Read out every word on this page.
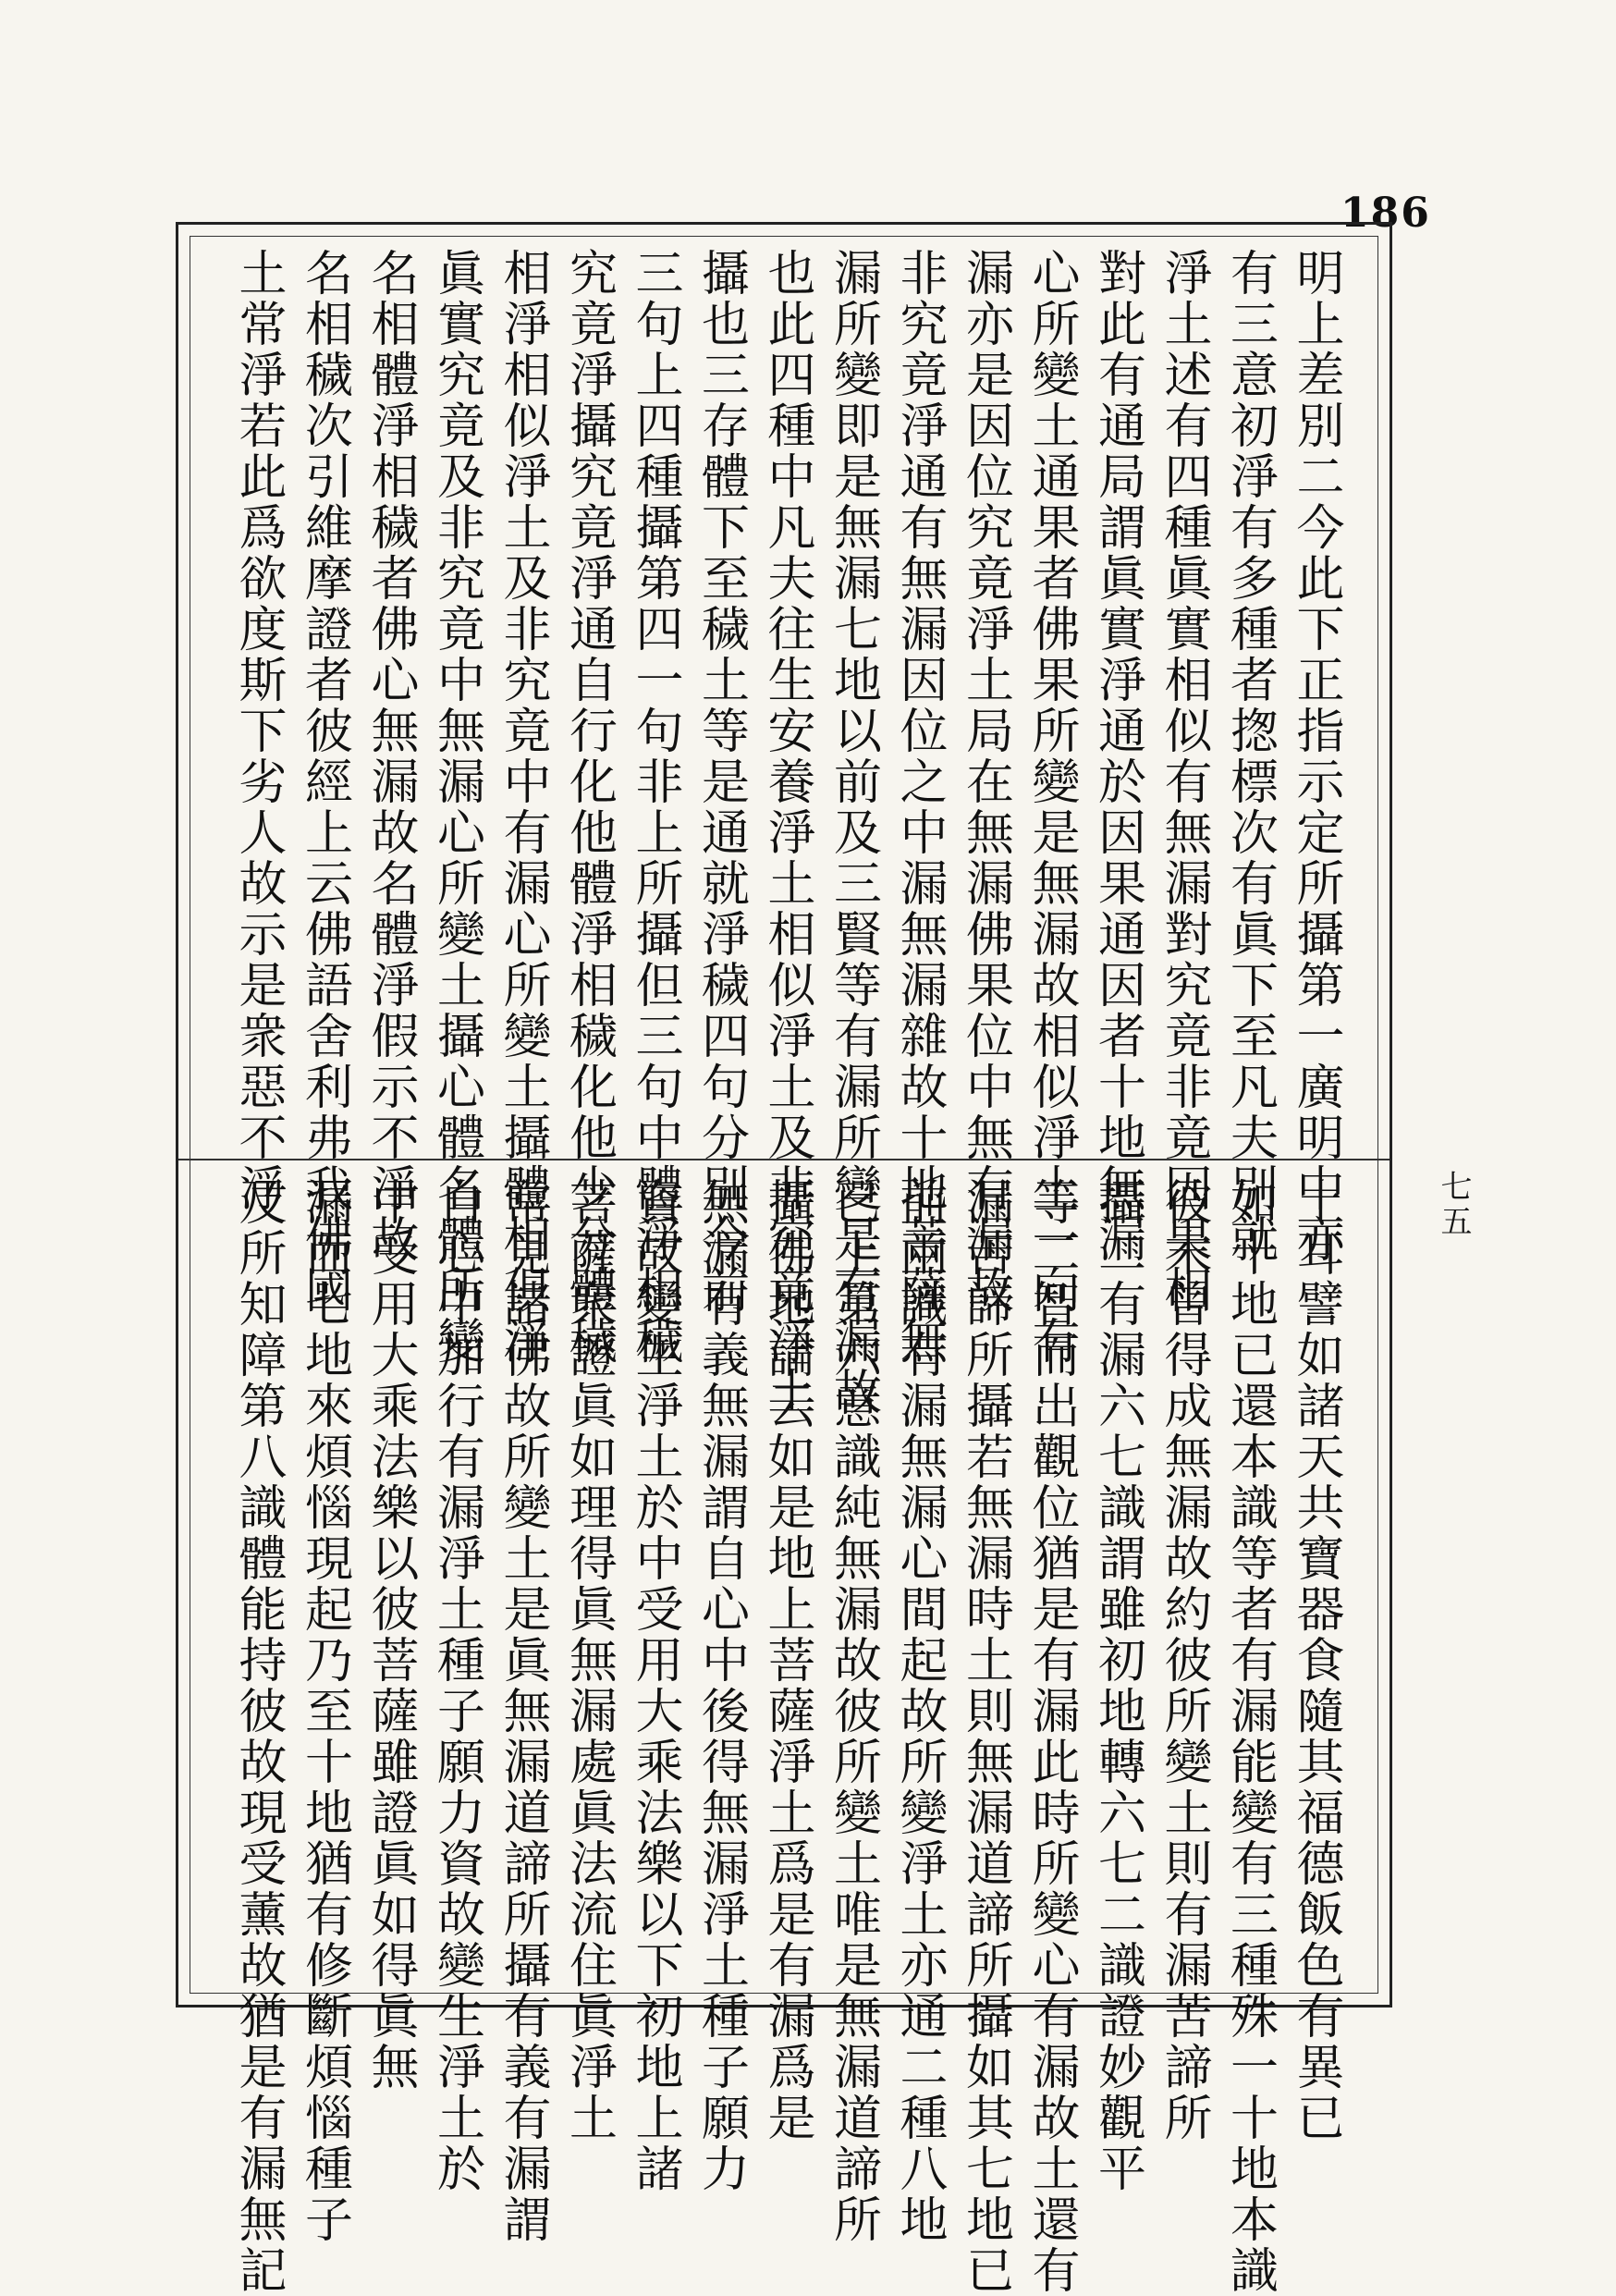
186
明上差別二今此下正指示定所攝第一廣明中亦
有三意初淨有多種者揔標次有眞下至凡夫別就
淨土述有四種眞實相似有無漏對究竟非竟因果相
對此有通局謂眞實淨通於因果通因者十地無漏
心所變土通果者佛果所變是無漏故相似淨土一向有
漏亦是因位究竟淨土局在無漏佛果位中無有漏故
非究竟淨通有無漏因位之中漏無漏雜故十地菩薩無
漏所變即是無漏七地以前及三賢等有漏所變是有漏故
也此四種中凡夫往生安養淨土相似淨土及非究竟淨土
攝也三存體下至穢土等是通就淨穢四句分別今前
三句上四種攝第四一句非上所攝但三句中體淨相穢
究竟淨攝究竟淨通自行化他體淨相穢化他少分體穢
相淨相似淨土及非究竟中有漏心所變土攝體相俱淨
眞實究竟及非究竟中無漏心所變土攝心體名體所變
名相體淨相穢者佛心無漏故名體淨假示不淨故
名相穢次引維摩證者彼經上云佛語舍利弗我佛國
土常淨若此爲欲度斯下劣人故示是衆惡不淨
土耳譬如諸天共寶器食隨其福德飯色有異已
如十地已還本識等者有漏能變有三種殊一十地本識
彼末曾得成無漏故約彼所變土則有漏苦諦所
攝二有漏六七識謂雖初地轉六七二識證妙觀平
等二智而出觀位猶是有漏此時所變心有漏故土還有
漏苦諦所攝若無漏時土則無漏道諦所攝如其七地已
前兩識有漏無漏心間起故所變淨土亦通二種八地
已上第六意識純無漏故彼所變土唯是無漏道諦所
攝佛地論云如是地上菩薩淨土爲是有漏爲是
無漏有義無漏謂自心中後得無漏淨土種子願力
資故變生淨土於中受用大乘法樂以下初地上諸
菩薩衆證眞如理得眞無漏處眞法流住眞淨土
常見諸佛故所變土是眞無漏道諦所攝有義有漏謂
自心中加行有漏淨土種子願力資故變生淨土於
中受用大乘法樂以彼菩薩雖證眞如得眞無
漏而七地來煩惱現起乃至十地猶有修斷煩惱種子
及所知障第八識體能持彼故現受薰故猶是有漏無記	七五
